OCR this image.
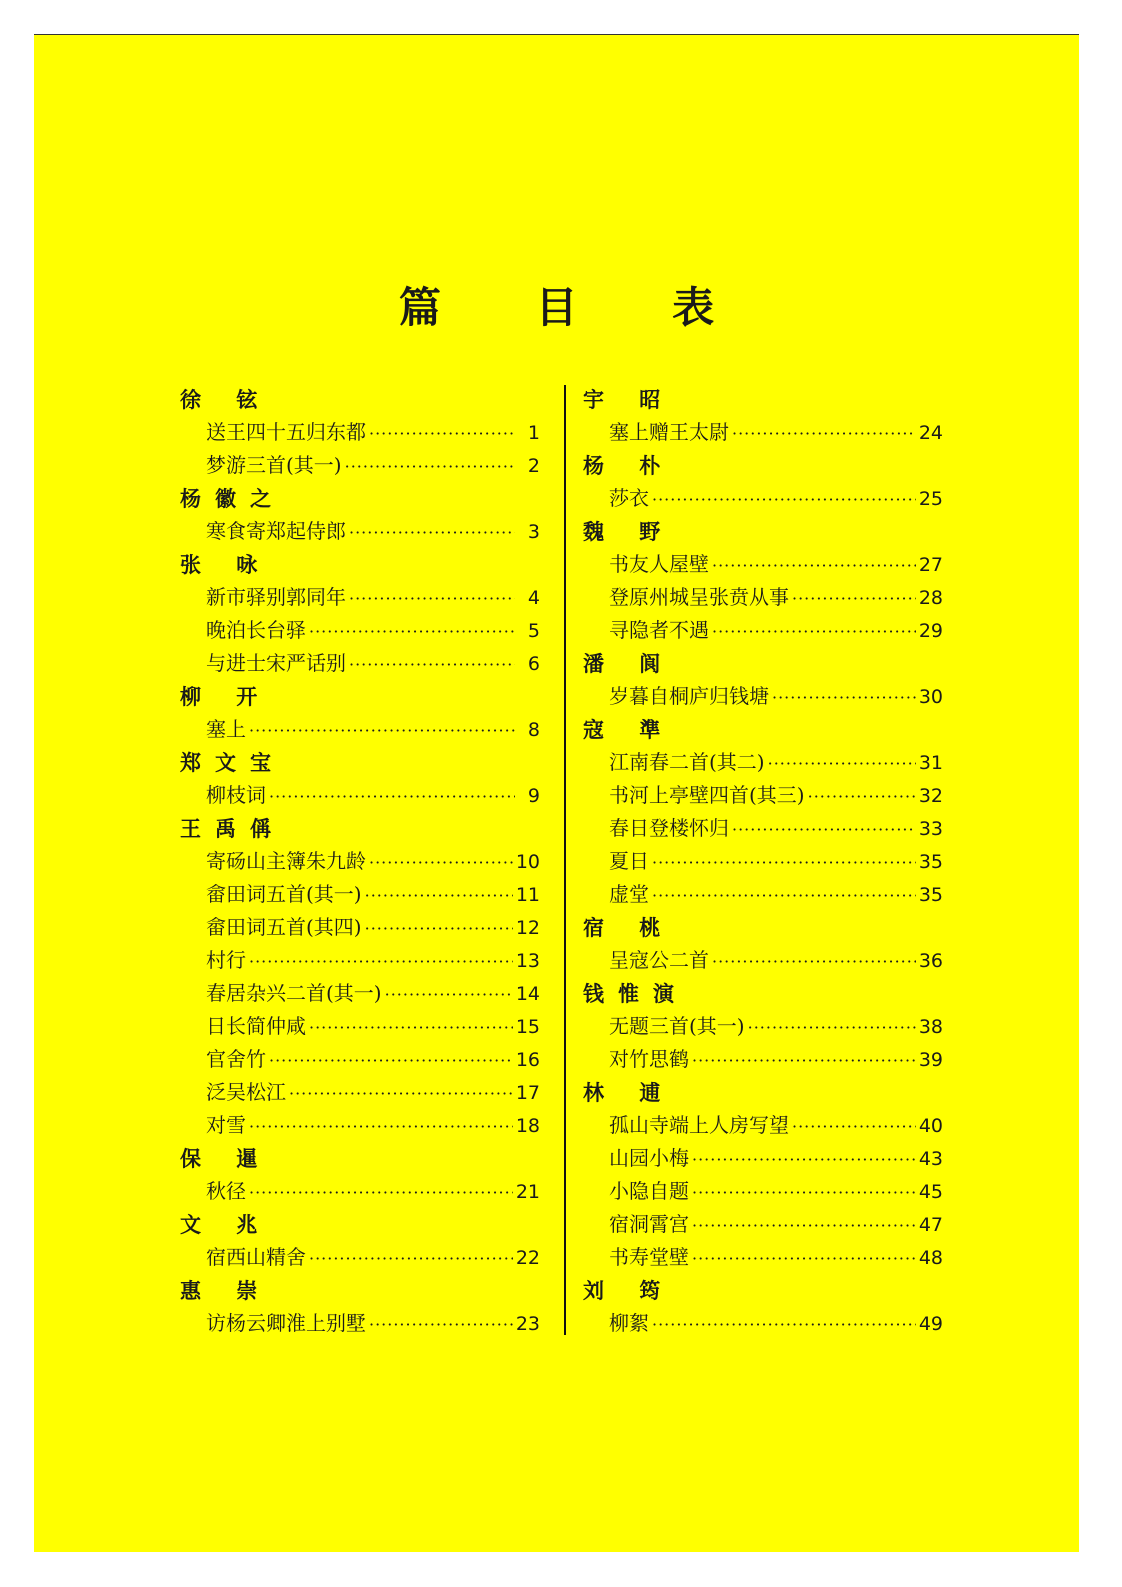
篇 目 表
徐 铉
送王四十五归东都 ·····	1
梦游三首(其一) ·····	2
杨徽之
寒食寄郑起侍郎 ·····	3
张 咏
新市驿别郭同年 ·····	4
晚泊长台驿 ·····	5
与进士宋严话别 ·····	6
柳 开
塞上 ·····	8
郑文宝
柳枝词 ·····	9
王禹偁
寄砀山主簿朱九龄 ·····	10
畲田词五首(其一) ·····	11
畲田词五首(其四) ·····	12
村行 ·····	13
春居杂兴二首(其一) ·····	14
日长简仲咸 ·····	15
官舍竹 ·····	16
泛吴松江 ·····	17
对雪 ·····	18
保 暹
秋径 ·····	21
文 兆
宿西山精舍 ·····	22
惠 崇
访杨云卿淮上别墅 ·····	23
宇 昭
塞上赠王太尉 ·····	24
杨 朴
莎衣 ·····	25
魏 野
书友人屋壁 ·····	27
登原州城呈张贲从事 ·····	28
寻隐者不遇 ·····	29
潘 阆
岁暮自桐庐归钱塘 ·····	30
寇 準
江南春二首(其二) ·····	31
书河上亭壁四首(其三) ·····	32
春日登楼怀归 ·····	33
夏日 ·····	35
虚堂 ·····	35
宿 桃
呈寇公二首 ·····	36
钱惟演
无题三首(其一) ·····	38
对竹思鹤 ·····	39
林 逋
孤山寺端上人房写望 ·····	40
山园小梅 ·····	43
小隐自题 ·····	45
宿洞霄宫 ·····	47
书寿堂壁 ·····	48
刘 筠
柳絮 ·····	49
